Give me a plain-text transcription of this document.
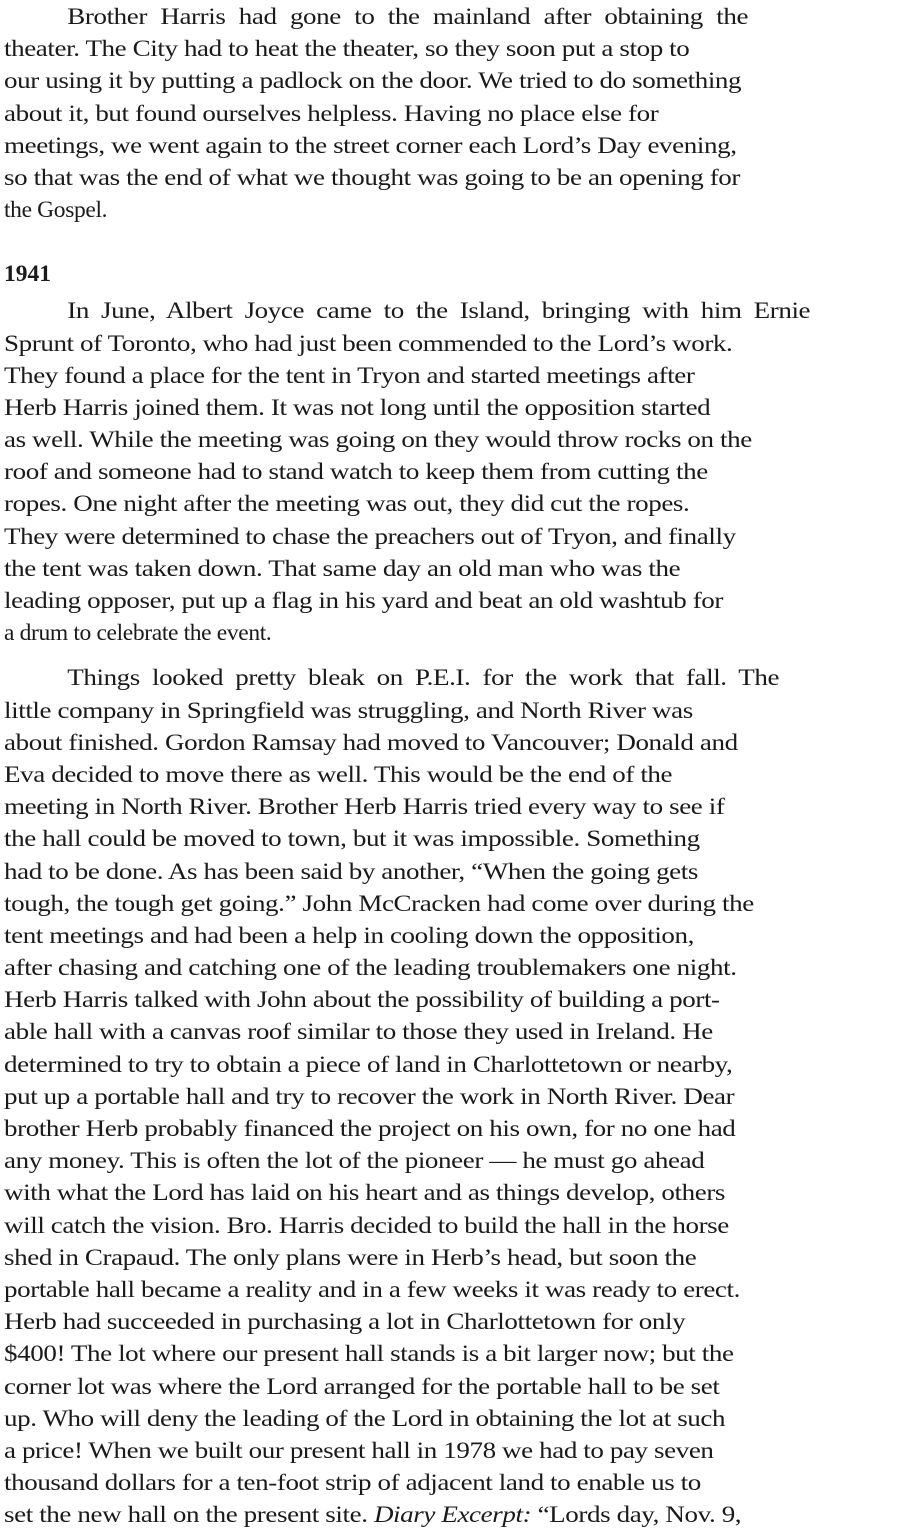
Brother Harris had gone to the mainland after obtaining the
theater. The City had to heat the theater, so they soon put a stop to
our using it by putting a padlock on the door. We tried to do something
about it, but found ourselves helpless. Having no place else for
meetings, we went again to the street corner each Lord’s Day evening,
so that was the end of what we thought was going to be an opening for
the Gospel.
1941
In June, Albert Joyce came to the Island, bringing with him Ernie
Sprunt of Toronto, who had just been commended to the Lord’s work.
They found a place for the tent in Tryon and started meetings after
Herb Harris joined them. It was not long until the opposition started
as well. While the meeting was going on they would throw rocks on the
roof and someone had to stand watch to keep them from cutting the
ropes. One night after the meeting was out, they did cut the ropes.
They were determined to chase the preachers out of Tryon, and finally
the tent was taken down. That same day an old man who was the
leading opposer, put up a flag in his yard and beat an old washtub for
a drum to celebrate the event.
Things looked pretty bleak on P.E.I. for the work that fall. The
little company in Springfield was struggling, and North River was
about finished. Gordon Ramsay had moved to Vancouver; Donald and
Eva decided to move there as well. This would be the end of the
meeting in North River. Brother Herb Harris tried every way to see if
the hall could be moved to town, but it was impossible. Something
had to be done. As has been said by another, “When the going gets
tough, the tough get going.” John McCracken had come over during the
tent meetings and had been a help in cooling down the opposition,
after chasing and catching one of the leading troublemakers one night.
Herb Harris talked with John about the possibility of building a port-
able hall with a canvas roof similar to those they used in Ireland. He
determined to try to obtain a piece of land in Charlottetown or nearby,
put up a portable hall and try to recover the work in North River. Dear
brother Herb probably financed the project on his own, for no one had
any money. This is often the lot of the pioneer — he must go ahead
with what the Lord has laid on his heart and as things develop, others
will catch the vision. Bro. Harris decided to build the hall in the horse
shed in Crapaud. The only plans were in Herb’s head, but soon the
portable hall became a reality and in a few weeks it was ready to erect.
Herb had succeeded in purchasing a lot in Charlottetown for only
$400! The lot where our present hall stands is a bit larger now; but the
corner lot was where the Lord arranged for the portable hall to be set
up. Who will deny the leading of the Lord in obtaining the lot at such
a price! When we built our present hall in 1978 we had to pay seven
thousand dollars for a ten-foot strip of adjacent land to enable us to
set the new hall on the present site. Diary Excerpt: “Lords day, Nov. 9,
